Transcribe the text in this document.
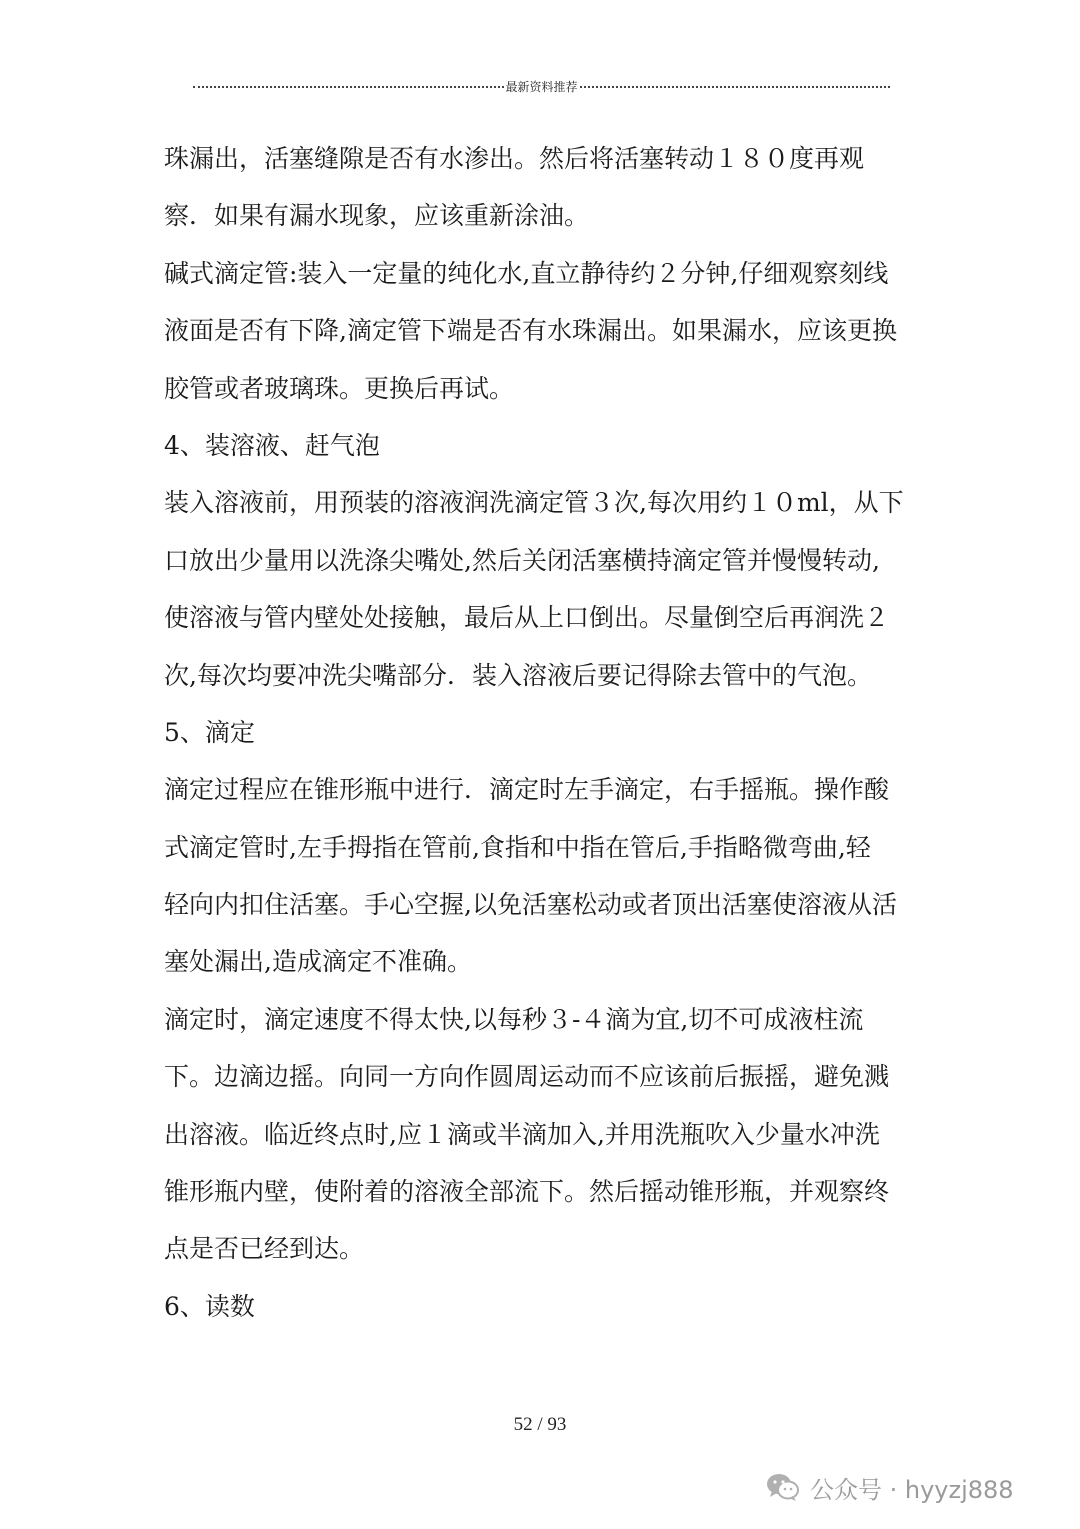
最新资料推荐
珠漏出，活塞缝隙是否有水渗出。然后将活塞转动１８０度再观
察．如果有漏水现象，应该重新涂油。
碱式滴定管:装入一定量的纯化水,直立静待约２分钟,仔细观察刻线
液面是否有下降,滴定管下端是否有水珠漏出。如果漏水，应该更换
胶管或者玻璃珠。更换后再试。
4、装溶液、赶气泡
装入溶液前，用预装的溶液润洗滴定管３次,每次用约１０ml，从下
口放出少量用以洗涤尖嘴处,然后关闭活塞横持滴定管并慢慢转动,
使溶液与管内壁处处接触，最后从上口倒出。尽量倒空后再润洗２
次,每次均要冲洗尖嘴部分．装入溶液后要记得除去管中的气泡。
5、滴定
滴定过程应在锥形瓶中进行．滴定时左手滴定，右手摇瓶。操作酸
式滴定管时,左手拇指在管前,食指和中指在管后,手指略微弯曲,轻
轻向内扣住活塞。手心空握,以免活塞松动或者顶出活塞使溶液从活
塞处漏出,造成滴定不准确。
滴定时，滴定速度不得太快,以每秒３-４滴为宜,切不可成液柱流
下。边滴边摇。向同一方向作圆周运动而不应该前后振摇，避免溅
出溶液。临近终点时,应１滴或半滴加入,并用洗瓶吹入少量水冲洗
锥形瓶内壁，使附着的溶液全部流下。然后摇动锥形瓶，并观察终
点是否已经到达。
6、读数
52 / 93
公众号 · hyyzj888
